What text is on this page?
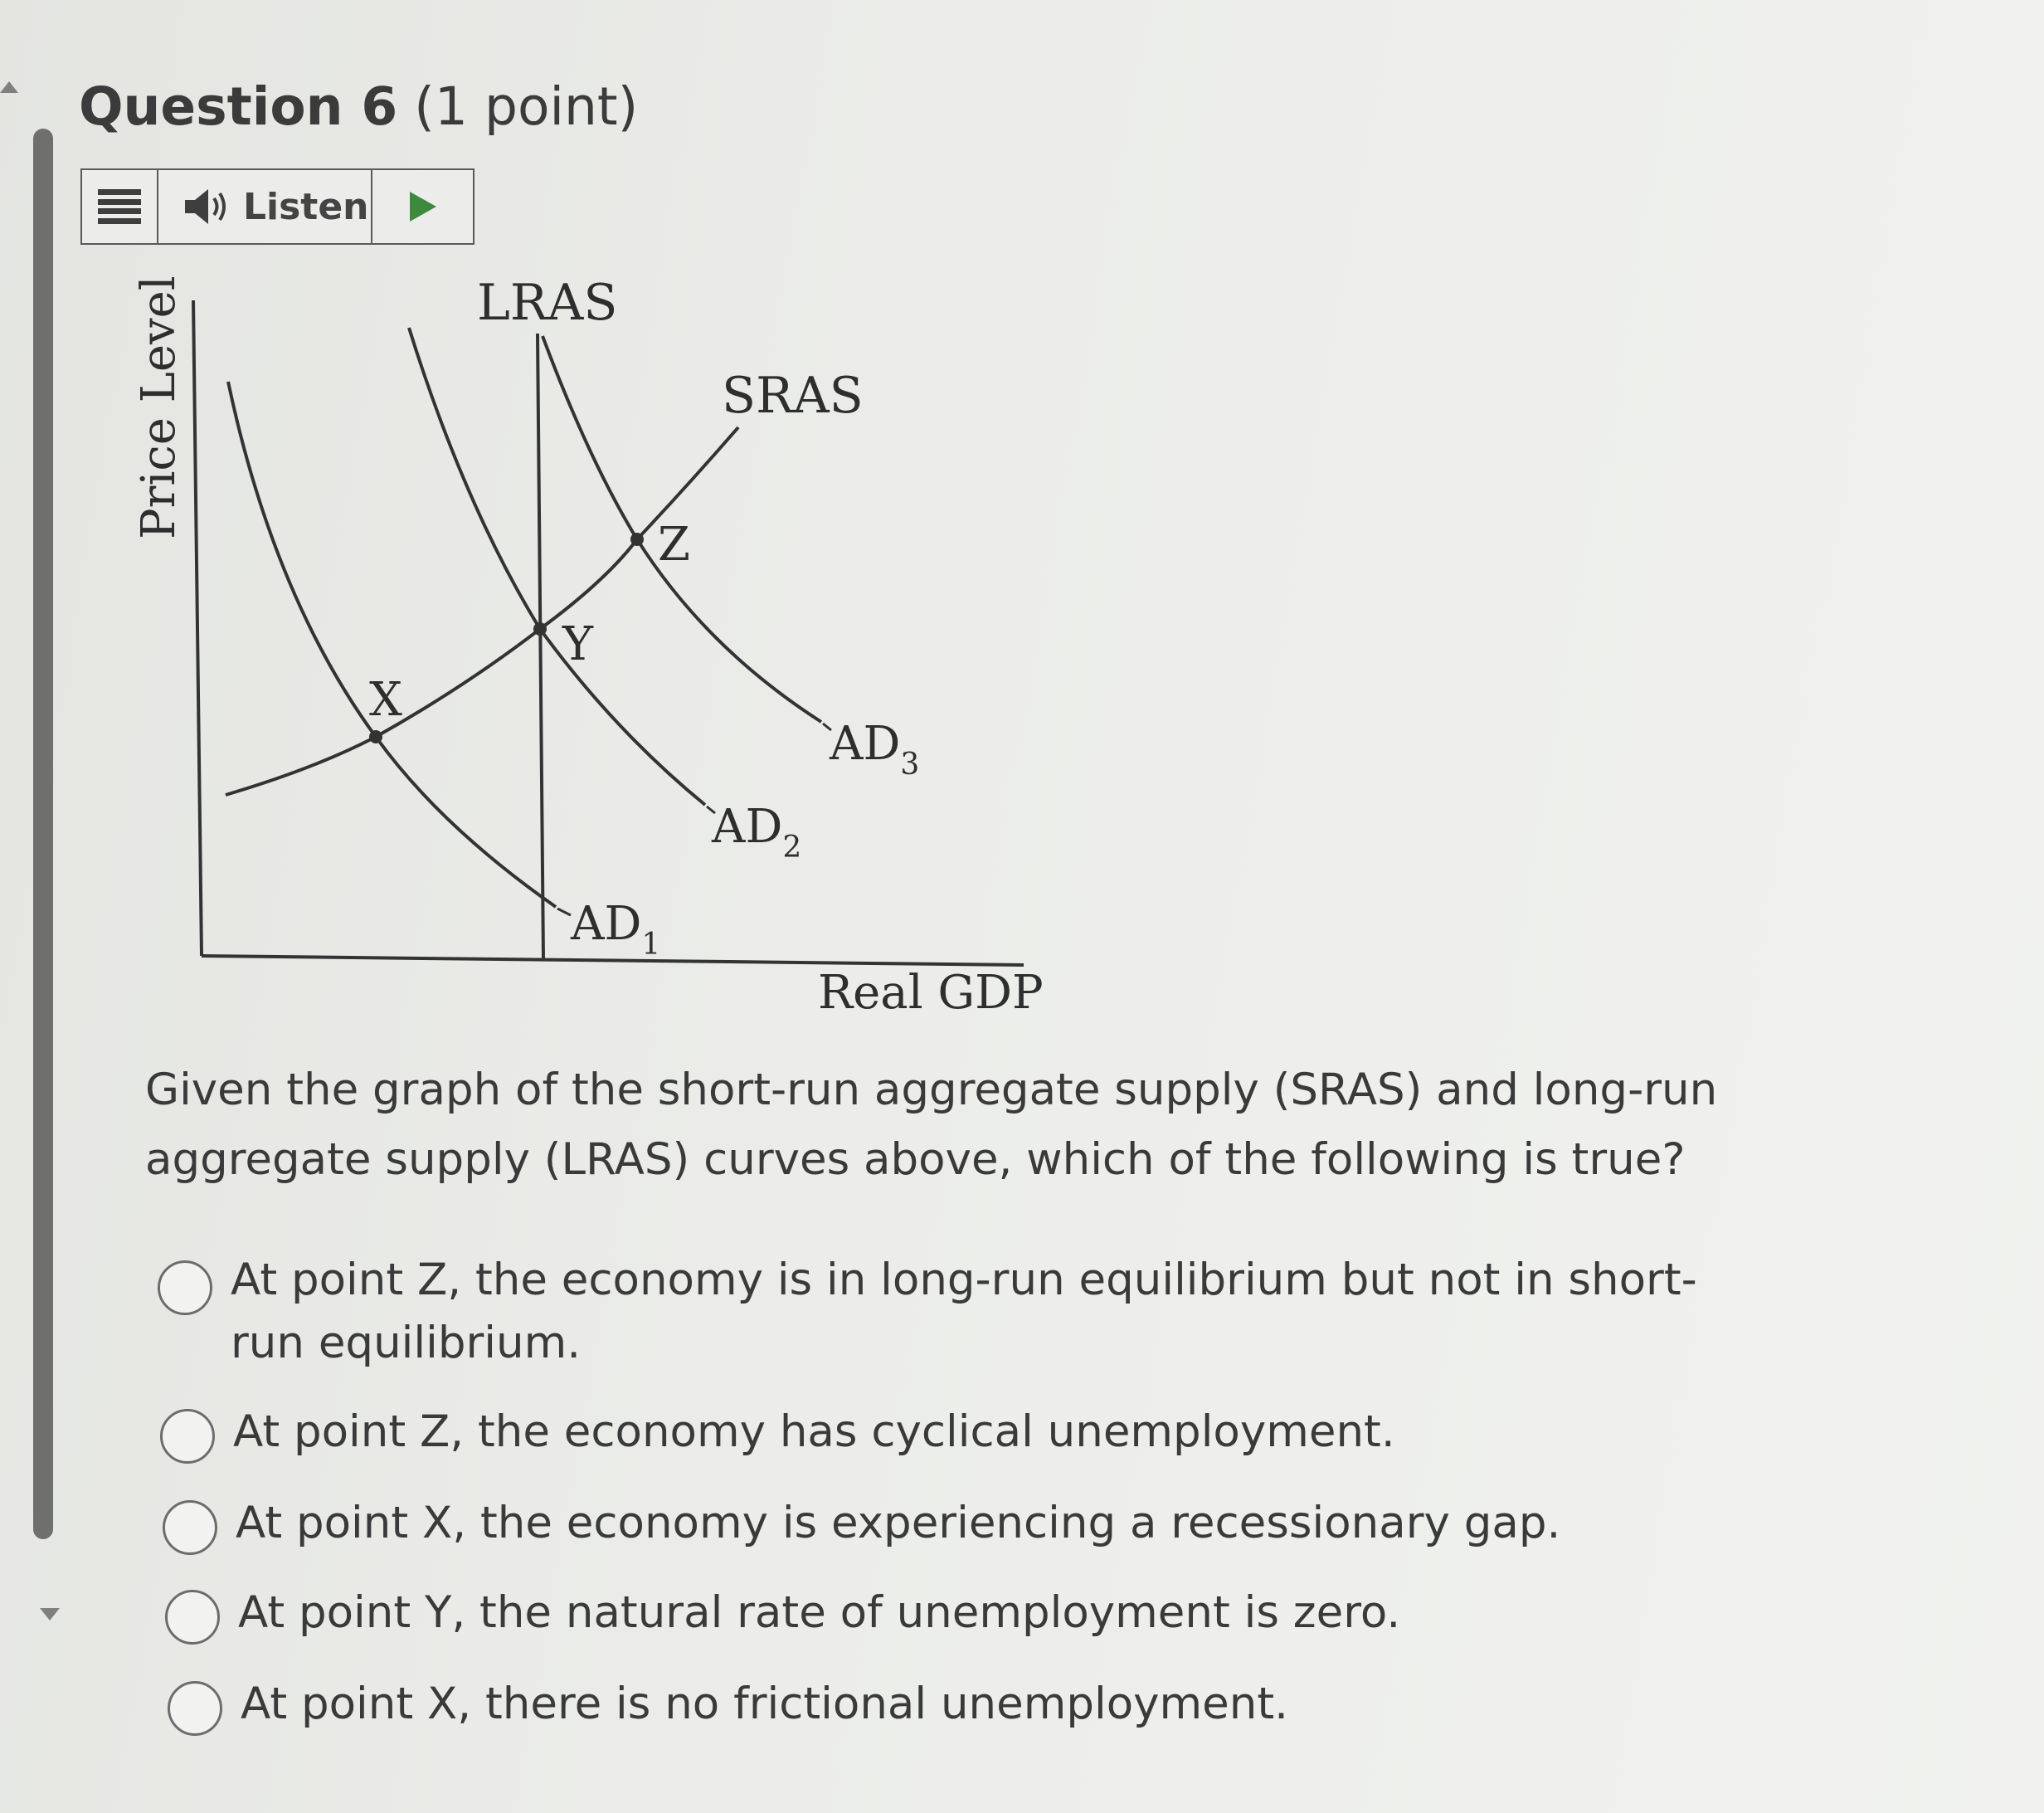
Question 6 (1 point)
Listen
Price Level
Real GDP
LRAS
SRAS
X
Y
Z
$AD_1$
$AD_2$
$AD_3$
Given the graph of the short-run aggregate supply (SRAS) and long-run aggregate supply (LRAS) curves above, which of the following is true?
At point Z, the economy is in long-run equilibrium but not in short-run equilibrium.
At point Z, the economy has cyclical unemployment.
At point X, the economy is experiencing a recessionary gap.
At point Y, the natural rate of unemployment is zero.
At point X, there is no frictional unemployment.
